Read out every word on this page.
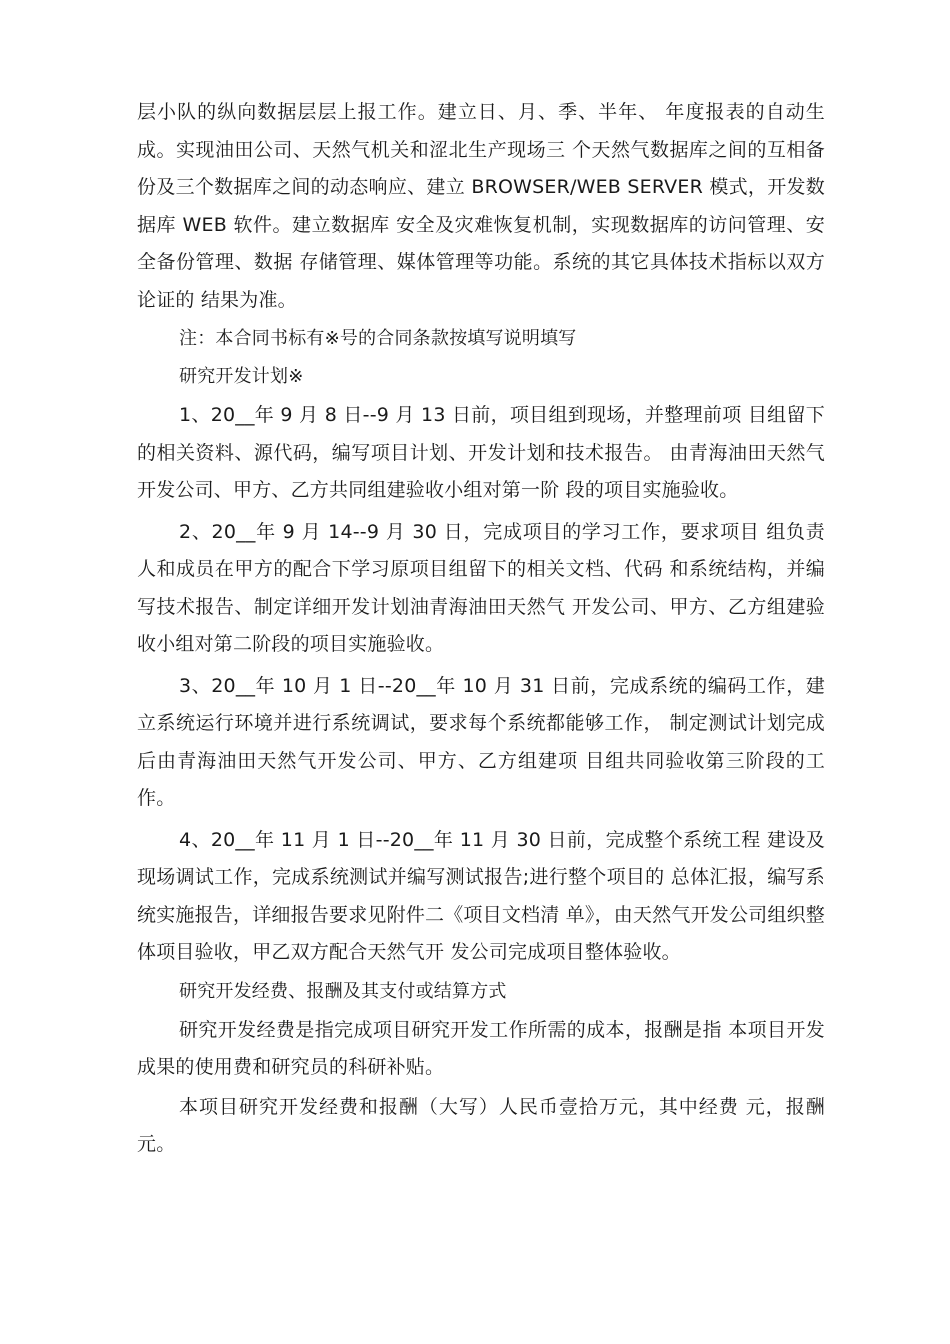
层小队的纵向数据层层上报工作。建立日、月、季、半年、 年度报表的自动生成。实现油田公司、天然气机关和涩北生产现场三 个天然气数据库之间的互相备份及三个数据库之间的动态响应、建立 BROWSER/WEB SERVER 模式，开发数据库 WEB 软件。建立数据库 安全及灾难恢复机制，实现数据库的访问管理、安全备份管理、数据 存储管理、媒体管理等功能。系统的其它具体技术指标以双方论证的 结果为准。

注：本合同书标有※号的合同条款按填写说明填写

研究开发计划※

1、20__年 9 月 8 日--9 月 13 日前，项目组到现场，并整理前项 目组留下的相关资料、源代码，编写项目计划、开发计划和技术报告。 由青海油田天然气开发公司、甲方、乙方共同组建验收小组对第一阶 段的项目实施验收。

2、20__年 9 月 14--9 月 30 日，完成项目的学习工作，要求项目 组负责人和成员在甲方的配合下学习原项目组留下的相关文档、代码 和系统结构，并编写技术报告、制定详细开发计划油青海油田天然气 开发公司、甲方、乙方组建验收小组对第二阶段的项目实施验收。

3、20__年 10 月 1 日--20__年 10 月 31 日前，完成系统的编码工作，建立系统运行环境并进行系统调试，要求每个系统都能够工作， 制定测试计划完成后由青海油田天然气开发公司、甲方、乙方组建项 目组共同验收第三阶段的工作。

4、20__年 11 月 1 日--20__年 11 月 30 日前，完成整个系统工程 建设及现场调试工作，完成系统测试并编写测试报告;进行整个项目的 总体汇报，编写系统实施报告，详细报告要求见附件二《项目文档清 单》，由天然气开发公司组织整体项目验收，甲乙双方配合天然气开 发公司完成项目整体验收。

研究开发经费、报酬及其支付或结算方式

研究开发经费是指完成项目研究开发工作所需的成本，报酬是指 本项目开发成果的使用费和研究员的科研补贴。

本项目研究开发经费和报酬（大写）人民币壹拾万元，其中经费 元，报酬元。
